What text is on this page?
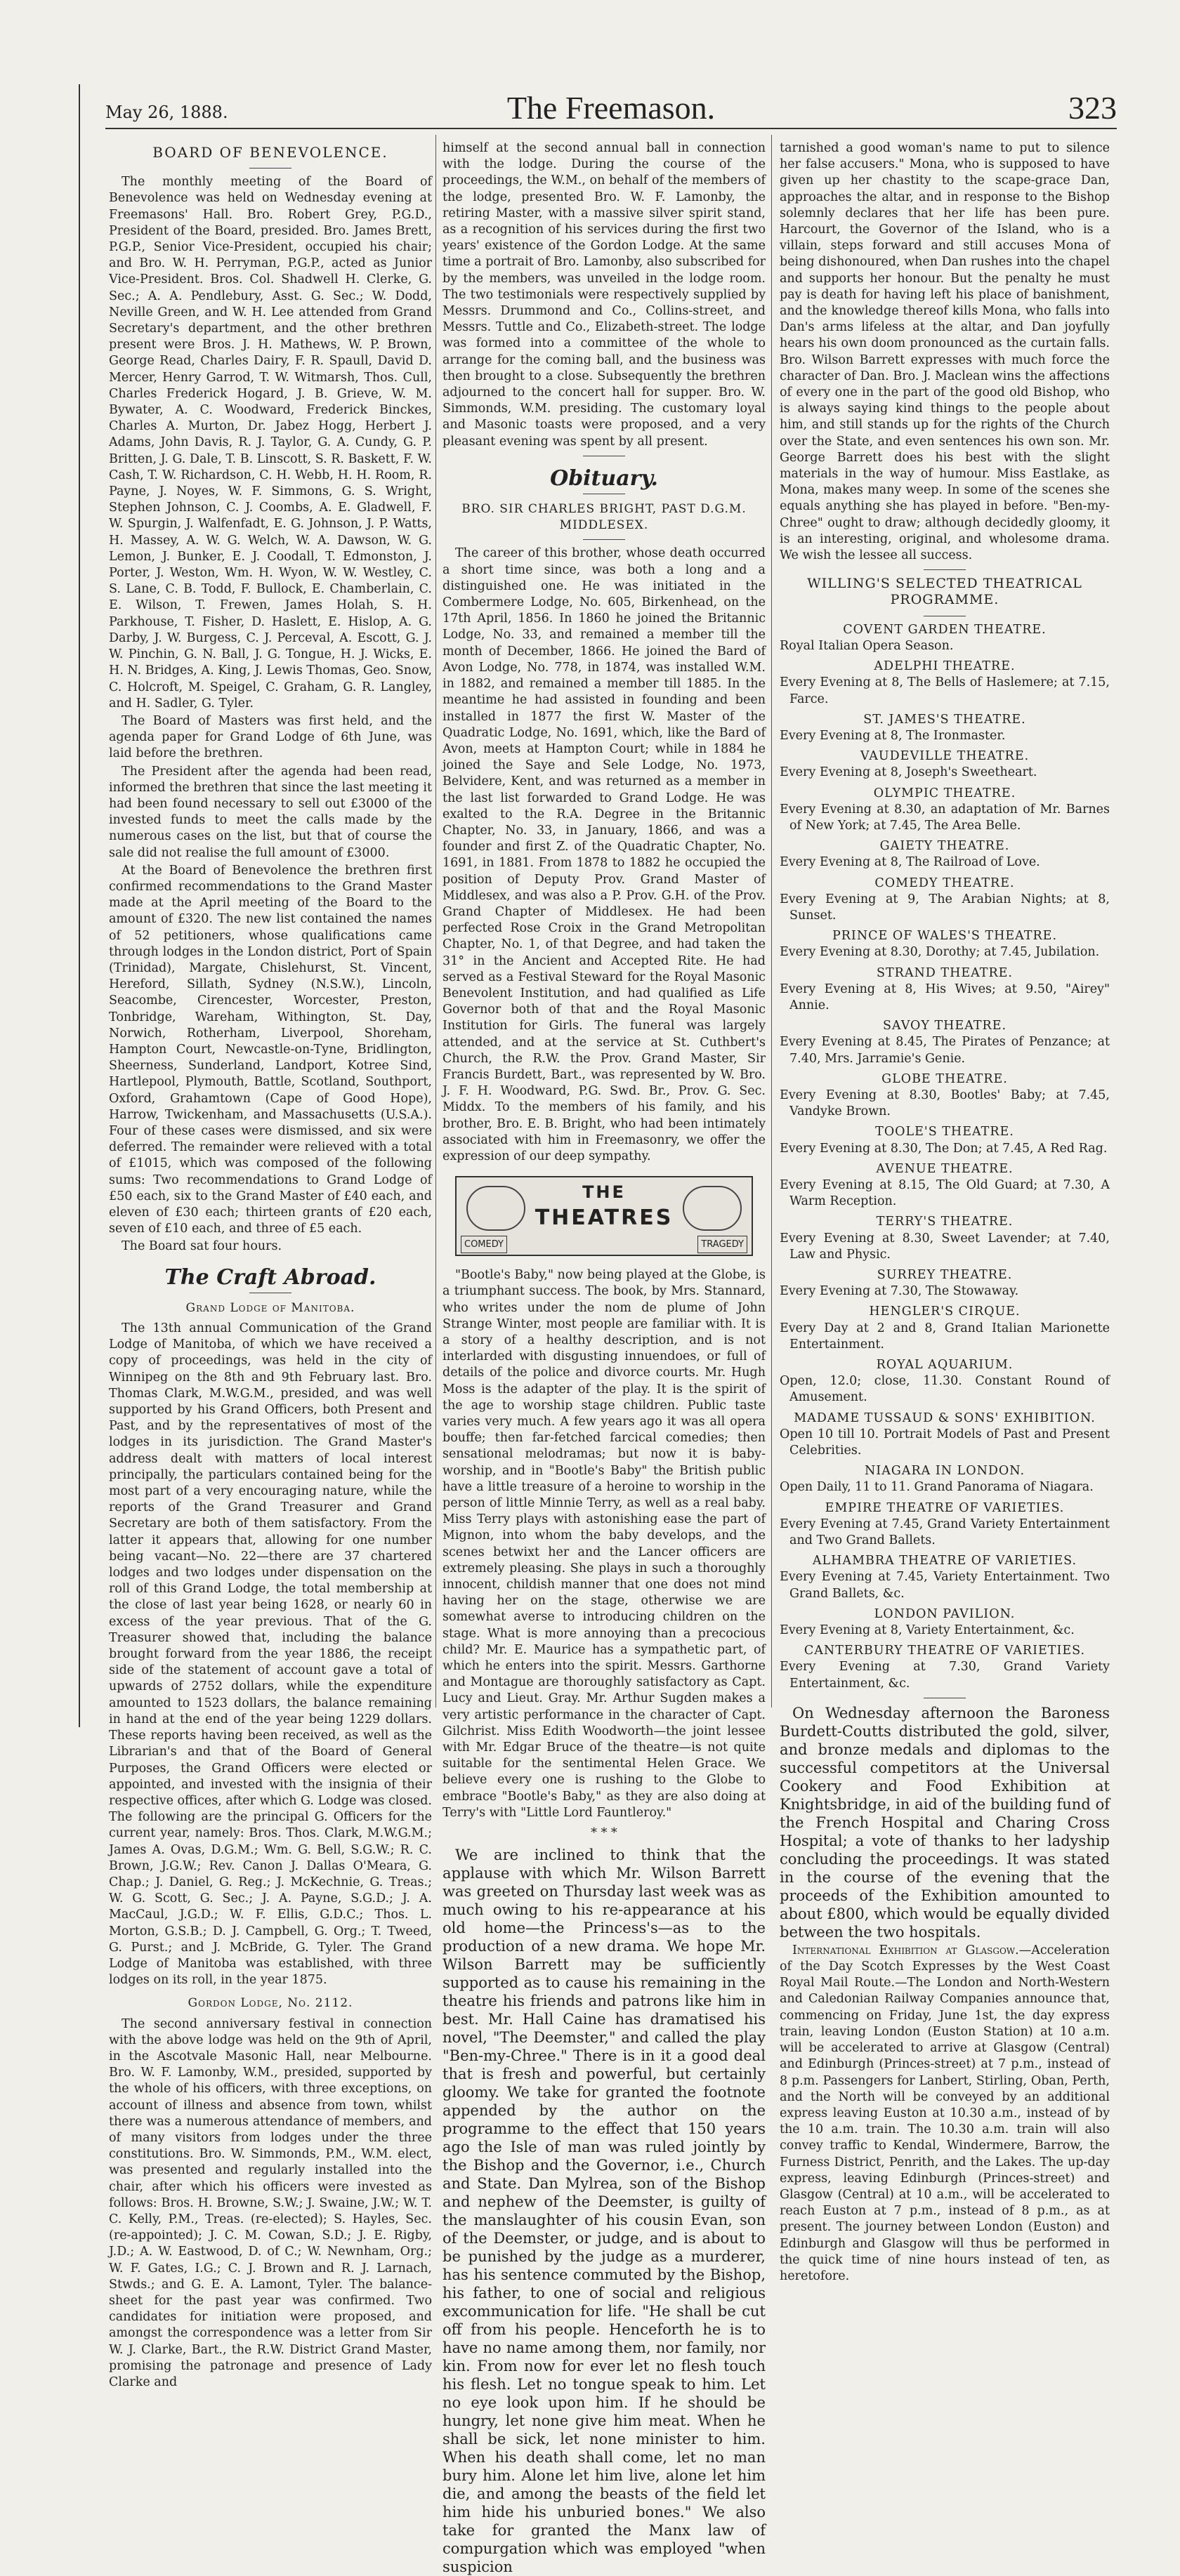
May 26, 1888.	The Freemason.	323
BOARD OF BENEVOLENCE.

The monthly meeting of the Board of Benevolence was held on Wednesday evening at Freemasons' Hall. Bro. Robert Grey, P.G.D., President of the Board, presided. Bro. James Brett, P.G.P., Senior Vice-President, occupied his chair; and Bro. W. H. Perryman, P.G.P., acted as Junior Vice-President. Bros. Col. Shadwell H. Clerke, G. Sec.; A. A. Pendlebury, Asst. G. Sec.; W. Dodd, Neville Green, and W. H. Lee attended from Grand Secretary's department, and the other brethren present were Bros. J. H. Mathews, W. P. Brown, George Read, Charles Dairy, F. R. Spaull, David D. Mercer, Henry Garrod, T. W. Witmarsh, Thos. Cull, Charles Frederick Hogard, J. B. Grieve, W. M. Bywater, A. C. Woodward, Frederick Binckes, Charles A. Murton, Dr. Jabez Hogg, Herbert J. Adams, John Davis, R. J. Taylor, G. A. Cundy, G. P. Britten, J. G. Dale, T. B. Linscott, S. R. Baskett, F. W. Cash, T. W. Richardson, C. H. Webb, H. H. Room, R. Payne, J. Noyes, W. F. Simmons, G. S. Wright, Stephen Johnson, C. J. Coombs, A. E. Gladwell, F. W. Spurgin, J. Walfenfadt, E. G. Johnson, J. P. Watts, H. Massey, A. W. G. Welch, W. A. Dawson, W. G. Lemon, J. Bunker, E. J. Coodall, T. Edmonston, J. Porter, J. Weston, Wm. H. Wyon, W. W. Westley, C. S. Lane, C. B. Todd, F. Bullock, E. Chamberlain, C. E. Wilson, T. Frewen, James Holah, S. H. Parkhouse, T. Fisher, D. Haslett, E. Hislop, A. G. Darby, J. W. Burgess, C. J. Perceval, A. Escott, G. J. W. Pinchin, G. N. Ball, J. G. Tongue, H. J. Wicks, E. H. N. Bridges, A. King, J. Lewis Thomas, Geo. Snow, C. Holcroft, M. Speigel, C. Graham, G. R. Langley, and H. Sadler, G. Tyler.

The Board of Masters was first held, and the agenda paper for Grand Lodge of 6th June, was laid before the brethren.

The President after the agenda had been read, informed the brethren that since the last meeting it had been found necessary to sell out £3000 of the invested funds to meet the calls made by the numerous cases on the list, but that of course the sale did not realise the full amount of £3000.

At the Board of Benevolence the brethren first confirmed recommendations to the Grand Master made at the April meeting of the Board to the amount of £320. The new list contained the names of 52 petitioners, whose qualifications came through lodges in the London district, Port of Spain (Trinidad), Margate, Chislehurst, St. Vincent, Hereford, Sillath, Sydney (N.S.W.), Lincoln, Seacombe, Cirencester, Worcester, Preston, Tonbridge, Wareham, Withington, St. Day, Norwich, Rotherham, Liverpool, Shoreham, Hampton Court, Newcastle-on-Tyne, Bridlington, Sheerness, Sunderland, Landport, Kotree Sind, Hartlepool, Plymouth, Battle, Scotland, Southport, Oxford, Grahamtown (Cape of Good Hope), Harrow, Twickenham, and Massachusetts (U.S.A.). Four of these cases were dismissed, and six were deferred. The remainder were relieved with a total of £1015, which was composed of the following sums: Two recommendations to Grand Lodge of £50 each, six to the Grand Master of £40 each, and eleven of £30 each; thirteen grants of £20 each, seven of £10 each, and three of £5 each.

The Board sat four hours.

The Craft Abroad.
Grand Lodge of Manitoba.

The 13th annual Communication of the Grand Lodge of Manitoba, of which we have received a copy of proceedings, was held in the city of Winnipeg on the 8th and 9th February last. Bro. Thomas Clark, M.W.G.M., presided, and was well supported by his Grand Officers, both Present and Past, and by the representatives of most of the lodges in its jurisdiction. The Grand Master's address dealt with matters of local interest principally, the particulars contained being for the most part of a very encouraging nature, while the reports of the Grand Treasurer and Grand Secretary are both of them satisfactory. From the latter it appears that, allowing for one number being vacant—No. 22—there are 37 chartered lodges and two lodges under dispensation on the roll of this Grand Lodge, the total membership at the close of last year being 1628, or nearly 60 in excess of the year previous. That of the G. Treasurer showed that, including the balance brought forward from the year 1886, the receipt side of the statement of account gave a total of upwards of 2752 dollars, while the expenditure amounted to 1523 dollars, the balance remaining in hand at the end of the year being 1229 dollars. These reports having been received, as well as the Librarian's and that of the Board of General Purposes, the Grand Officers were elected or appointed, and invested with the insignia of their respective offices, after which G. Lodge was closed. The following are the principal G. Officers for the current year, namely: Bros. Thos. Clark, M.W.G.M.; James A. Ovas, D.G.M.; Wm. G. Bell, S.G.W.; R. C. Brown, J.G.W.; Rev. Canon J. Dallas O'Meara, G. Chap.; J. Daniel, G. Reg.; J. McKechnie, G. Treas.; W. G. Scott, G. Sec.; J. A. Payne, S.G.D.; J. A. MacCaul, J.G.D.; W. F. Ellis, G.D.C.; Thos. L. Morton, G.S.B.; D. J. Campbell, G. Org.; T. Tweed, G. Purst.; and J. McBride, G. Tyler. The Grand Lodge of Manitoba was established, with three lodges on its roll, in the year 1875.

Gordon Lodge, No. 2112.

The second anniversary festival in connection with the above lodge was held on the 9th of April, in the Ascotvale Masonic Hall, near Melbourne. Bro. W. F. Lamonby, W.M., presided, supported by the whole of his officers, with three exceptions, on account of illness and absence from town, whilst there was a numerous attendance of members, and of many visitors from lodges under the three constitutions. Bro. W. Simmonds, P.M., W.M. elect, was presented and regularly installed into the chair, after which his officers were invested as follows: Bros. H. Browne, S.W.; J. Swaine, J.W.; W. T. C. Kelly, P.M., Treas. (re-elected); S. Hayles, Sec. (re-appointed); J. C. M. Cowan, S.D.; J. E. Rigby, J.D.; A. W. Eastwood, D. of C.; W. Newnham, Org.; W. F. Gates, I.G.; C. J. Brown and R. J. Larnach, Stwds.; and G. E. A. Lamont, Tyler. The balance-sheet for the past year was confirmed. Two candidates for initiation were proposed, and amongst the correspondence was a letter from Sir W. J. Clarke, Bart., the R.W. District Grand Master, promising the patronage and presence of Lady Clarke and

himself at the second annual ball in connection with the lodge. During the course of the proceedings, the W.M., on behalf of the members of the lodge, presented Bro. W. F. Lamonby, the retiring Master, with a massive silver spirit stand, as a recognition of his services during the first two years' existence of the Gordon Lodge. At the same time a portrait of Bro. Lamonby, also subscribed for by the members, was unveiled in the lodge room. The two testimonials were respectively supplied by Messrs. Drummond and Co., Collins-street, and Messrs. Tuttle and Co., Elizabeth-street. The lodge was formed into a committee of the whole to arrange for the coming ball, and the business was then brought to a close. Subsequently the brethren adjourned to the concert hall for supper. Bro. W. Simmonds, W.M. presiding. The customary loyal and Masonic toasts were proposed, and a very pleasant evening was spent by all present.

Obituary.
BRO. SIR CHARLES BRIGHT, PAST D.G.M. MIDDLESEX.

The career of this brother, whose death occurred a short time since, was both a long and a distinguished one. He was initiated in the Combermere Lodge, No. 605, Birkenhead, on the 17th April, 1856. In 1860 he joined the Britannic Lodge, No. 33, and remained a member till the month of December, 1866. He joined the Bard of Avon Lodge, No. 778, in 1874, was installed W.M. in 1882, and remained a member till 1885. In the meantime he had assisted in founding and been installed in 1877 the first W. Master of the Quadratic Lodge, No. 1691, which, like the Bard of Avon, meets at Hampton Court; while in 1884 he joined the Saye and Sele Lodge, No. 1973, Belvidere, Kent, and was returned as a member in the last list forwarded to Grand Lodge. He was exalted to the R.A. Degree in the Britannic Chapter, No. 33, in January, 1866, and was a founder and first Z. of the Quadratic Chapter, No. 1691, in 1881. From 1878 to 1882 he occupied the position of Deputy Prov. Grand Master of Middlesex, and was also a P. Prov. G.H. of the Prov. Grand Chapter of Middlesex. He had been perfected Rose Croix in the Grand Metropolitan Chapter, No. 1, of that Degree, and had taken the 31° in the Ancient and Accepted Rite. He had served as a Festival Steward for the Royal Masonic Benevolent Institution, and had qualified as Life Governor both of that and the Royal Masonic Institution for Girls. The funeral was largely attended, and at the service at St. Cuthbert's Church, the R.W. the Prov. Grand Master, Sir Francis Burdett, Bart., was represented by W. Bro. J. F. H. Woodward, P.G. Swd. Br., Prov. G. Sec. Middx. To the members of his family, and his brother, Bro. E. B. Bright, who had been intimately associated with him in Freemasonry, we offer the expression of our deep sympathy.

THE
THEATRES
COMEDY	TRAGEDY

"Bootle's Baby," now being played at the Globe, is a triumphant success. The book, by Mrs. Stannard, who writes under the nom de plume of John Strange Winter, most people are familiar with. It is a story of a healthy description, and is not interlarded with disgusting innuendoes, or full of details of the police and divorce courts. Mr. Hugh Moss is the adapter of the play. It is the spirit of the age to worship stage children. Public taste varies very much. A few years ago it was all opera bouffe; then far-fetched farcical comedies; then sensational melodramas; but now it is baby-worship, and in "Bootle's Baby" the British public have a little treasure of a heroine to worship in the person of little Minnie Terry, as well as a real baby. Miss Terry plays with astonishing ease the part of Mignon, into whom the baby develops, and the scenes betwixt her and the Lancer officers are extremely pleasing. She plays in such a thoroughly innocent, childish manner that one does not mind having her on the stage, otherwise we are somewhat averse to introducing children on the stage. What is more annoying than a precocious child? Mr. E. Maurice has a sympathetic part, of which he enters into the spirit. Messrs. Garthorne and Montague are thoroughly satisfactory as Capt. Lucy and Lieut. Gray. Mr. Arthur Sugden makes a very artistic performance in the character of Capt. Gilchrist. Miss Edith Woodworth—the joint lessee with Mr. Edgar Bruce of the theatre—is not quite suitable for the sentimental Helen Grace. We believe every one is rushing to the Globe to embrace "Bootle's Baby," as they are also doing at Terry's with "Little Lord Fauntleroy."

* * *

We are inclined to think that the applause with which Mr. Wilson Barrett was greeted on Thursday last week was as much owing to his re-appearance at his old home—the Princess's—as to the production of a new drama. We hope Mr. Wilson Barrett may be sufficiently supported as to cause his remaining in the theatre his friends and patrons like him in best. Mr. Hall Caine has dramatised his novel, "The Deemster," and called the play "Ben-my-Chree." There is in it a good deal that is fresh and powerful, but certainly gloomy. We take for granted the footnote appended by the author on the programme to the effect that 150 years ago the Isle of man was ruled jointly by the Bishop and the Governor, i.e., Church and State. Dan Mylrea, son of the Bishop and nephew of the Deemster, is guilty of the manslaughter of his cousin Evan, son of the Deemster, or judge, and is about to be punished by the judge as a murderer, has his sentence commuted by the Bishop, his father, to one of social and religious excommunication for life. "He shall be cut off from his people. Henceforth he is to have no name among them, nor family, nor kin. From now for ever let no flesh touch his flesh. Let no tongue speak to him. Let no eye look upon him. If he should be hungry, let none give him meat. When he shall be sick, let none minister to him. When his death shall come, let no man bury him. Alone let him live, alone let him die, and among the beasts of the field let him hide his unburied bones." We also take for granted the Manx law of compurgation which was employed "when suspicion

tarnished a good woman's name to put to silence her false accusers." Mona, who is supposed to have given up her chastity to the scape-grace Dan, approaches the altar, and in response to the Bishop solemnly declares that her life has been pure. Harcourt, the Governor of the Island, who is a villain, steps forward and still accuses Mona of being dishonoured, when Dan rushes into the chapel and supports her honour. But the penalty he must pay is death for having left his place of banishment, and the knowledge thereof kills Mona, who falls into Dan's arms lifeless at the altar, and Dan joyfully hears his own doom pronounced as the curtain falls. Bro. Wilson Barrett expresses with much force the character of Dan. Bro. J. Maclean wins the affections of every one in the part of the good old Bishop, who is always saying kind things to the people about him, and still stands up for the rights of the Church over the State, and even sentences his own son. Mr. George Barrett does his best with the slight materials in the way of humour. Miss Eastlake, as Mona, makes many weep. In some of the scenes she equals anything she has played in before. "Ben-my-Chree" ought to draw; although decidedly gloomy, it is an interesting, original, and wholesome drama. We wish the lessee all success.

WILLING'S SELECTED THEATRICAL PROGRAMME.
COVENT GARDEN THEATRE.

Royal Italian Opera Season.

ADELPHI THEATRE.

Every Evening at 8, The Bells of Haslemere; at 7.15, Farce.

ST. JAMES'S THEATRE.

Every Evening at 8, The Ironmaster.

VAUDEVILLE THEATRE.

Every Evening at 8, Joseph's Sweetheart.

OLYMPIC THEATRE.

Every Evening at 8.30, an adaptation of Mr. Barnes of New York; at 7.45, The Area Belle.

GAIETY THEATRE.

Every Evening at 8, The Railroad of Love.

COMEDY THEATRE.

Every Evening at 9, The Arabian Nights; at 8, Sunset.

PRINCE OF WALES'S THEATRE.

Every Evening at 8.30, Dorothy; at 7.45, Jubilation.

STRAND THEATRE.

Every Evening at 8, His Wives; at 9.50, "Airey" Annie.

SAVOY THEATRE.

Every Evening at 8.45, The Pirates of Penzance; at 7.40, Mrs. Jarramie's Genie.

GLOBE THEATRE.

Every Evening at 8.30, Bootles' Baby; at 7.45, Vandyke Brown.

TOOLE'S THEATRE.

Every Evening at 8.30, The Don; at 7.45, A Red Rag.

AVENUE THEATRE.

Every Evening at 8.15, The Old Guard; at 7.30, A Warm Reception.

TERRY'S THEATRE.

Every Evening at 8.30, Sweet Lavender; at 7.40, Law and Physic.

SURREY THEATRE.

Every Evening at 7.30, The Stowaway.

HENGLER'S CIRQUE.

Every Day at 2 and 8, Grand Italian Marionette Entertainment.

ROYAL AQUARIUM.

Open, 12.0; close, 11.30. Constant Round of Amusement.

MADAME TUSSAUD & SONS' EXHIBITION.

Open 10 till 10. Portrait Models of Past and Present Celebrities.

NIAGARA IN LONDON.

Open Daily, 11 to 11. Grand Panorama of Niagara.

EMPIRE THEATRE OF VARIETIES.

Every Evening at 7.45, Grand Variety Entertainment and Two Grand Ballets.

ALHAMBRA THEATRE OF VARIETIES.

Every Evening at 7.45, Variety Entertainment. Two Grand Ballets, &c.

LONDON PAVILION.

Every Evening at 8, Variety Entertainment, &c.

CANTERBURY THEATRE OF VARIETIES.

Every Evening at 7.30, Grand Variety Entertainment, &c.

On Wednesday afternoon the Baroness Burdett-Coutts distributed the gold, silver, and bronze medals and diplomas to the successful competitors at the Universal Cookery and Food Exhibition at Knightsbridge, in aid of the building fund of the French Hospital and Charing Cross Hospital; a vote of thanks to her ladyship concluding the proceedings. It was stated in the course of the evening that the proceeds of the Exhibition amounted to about £800, which would be equally divided between the two hospitals.

International Exhibition at Glasgow.—Acceleration of the Day Scotch Expresses by the West Coast Royal Mail Route.—The London and North-Western and Caledonian Railway Companies announce that, commencing on Friday, June 1st, the day express train, leaving London (Euston Station) at 10 a.m. will be accelerated to arrive at Glasgow (Central) and Edinburgh (Princes-street) at 7 p.m., instead of 8 p.m. Passengers for Lanbert, Stirling, Oban, Perth, and the North will be conveyed by an additional express leaving Euston at 10.30 a.m., instead of by the 10 a.m. train. The 10.30 a.m. train will also convey traffic to Kendal, Windermere, Barrow, the Furness District, Penrith, and the Lakes. The up-day express, leaving Edinburgh (Princes-street) and Glasgow (Central) at 10 a.m., will be accelerated to reach Euston at 7 p.m., instead of 8 p.m., as at present. The journey between London (Euston) and Edinburgh and Glasgow will thus be performed in the quick time of nine hours instead of ten, as heretofore.
